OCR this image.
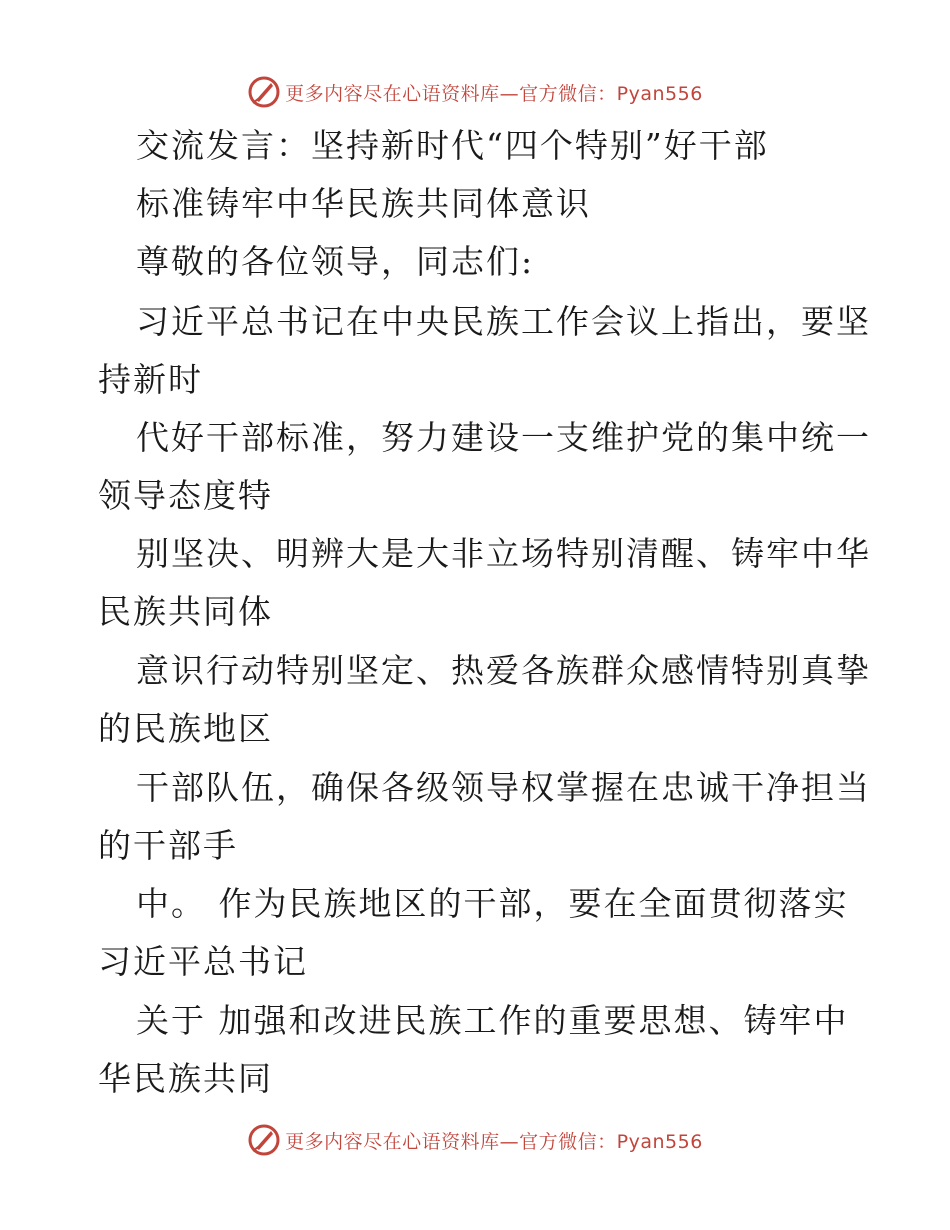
更多内容尽在心语资料库—官方微信：Pyan556
交流发言：坚持新时代“四个特别”好干部
标准铸牢中华民族共同体意识
尊敬的各位领导，同志们:
习近平总书记在中央民族工作会议上指出，要坚
持新时
代好干部标准，努力建设一支维护党的集中统一
领导态度特
别坚决、明辨大是大非立场特别清醒、铸牢中华
民族共同体
意识行动特别坚定、热爱各族群众感情特别真挚
的民族地区
干部队伍，确保各级领导权掌握在忠诚干净担当
的干部手
中。 作为民族地区的干部，要在全面贯彻落实
习近平总书记
关于 加强和改进民族工作的重要思想、铸牢中
华民族共同
更多内容尽在心语资料库—官方微信：Pyan556
